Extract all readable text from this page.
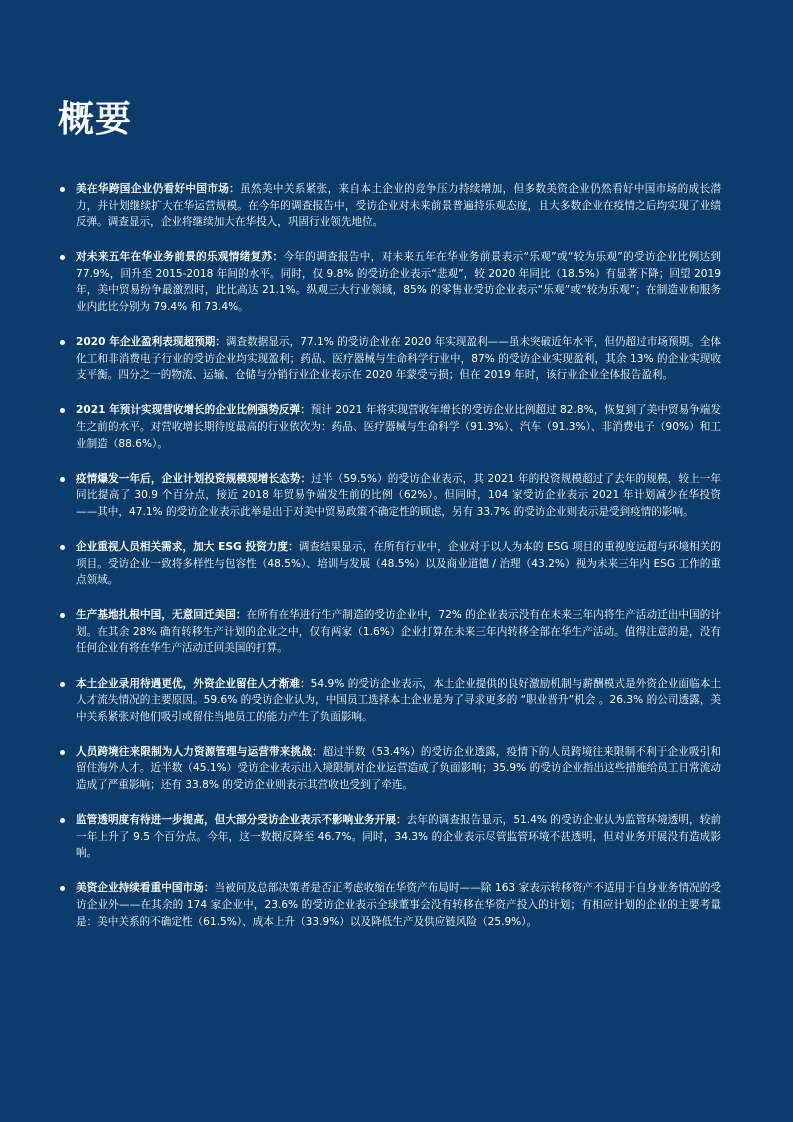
概要
美在华跨国企业仍看好中国市场：虽然美中关系紧张，来自本土企业的竞争压力持续增加，但多数美资企业仍然看好中国市场的成长潜力，并计划继续扩大在华运营规模。在今年的调查报告中，受访企业对未来前景普遍持乐观态度，且大多数企业在疫情之后均实现了业绩反弹。调查显示，企业将继续加大在华投入，巩固行业领先地位。
对未来五年在华业务前景的乐观情绪复苏：今年的调查报告中，对未来五年在华业务前景表示“乐观”或“较为乐观”的受访企业比例达到 77.9%，回升至 2015-2018 年间的水平。同时，仅 9.8% 的受访企业表示“悲观”，较 2020 年同比（18.5%）有显著下降；回望 2019 年，美中贸易纷争最激烈时，此比高达 21.1%。纵观三大行业领域，85% 的零售业受访企业表示“乐观”或“较为乐观”；在制造业和服务业内此比分别为 79.4% 和 73.4%。
2020 年企业盈利表现超预期：调查数据显示，77.1% 的受访企业在 2020 年实现盈利——虽未突破近年水平，但仍超过市场预期。全体化工和非消费电子行业的受访企业均实现盈利；药品、医疗器械与生命科学行业中，87% 的受访企业实现盈利，其余 13% 的企业实现收支平衡。四分之一的物流、运输、仓储与分销行业企业表示在 2020 年蒙受亏损；但在 2019 年时，该行业企业全体报告盈利。
2021 年预计实现营收增长的企业比例强势反弹：预计 2021 年将实现营收年增长的受访企业比例超过 82.8%，恢复到了美中贸易争端发生之前的水平。对营收增长期待度最高的行业依次为：药品、医疗器械与生命科学（91.3%）、汽车（91.3%）、非消费电子（90%）和工业制造（88.6%）。
疫情爆发一年后，企业计划投资规模现增长态势：过半（59.5%）的受访企业表示，其 2021 年的投资规模超过了去年的规模，较上一年同比提高了 30.9 个百分点，接近 2018 年贸易争端发生前的比例（62%）。但同时，104 家受访企业表示 2021 年计划减少在华投资——其中，47.1% 的受访企业表示此举是出于对美中贸易政策不确定性的顾虑，另有 33.7% 的受访企业则表示是受到疫情的影响。
企业重视人员相关需求，加大 ESG 投资力度：调查结果显示，在所有行业中，企业对于以人为本的 ESG 项目的重视度远超与环境相关的项目。受访企业一致将多样性与包容性（48.5%）、培训与发展（48.5%）以及商业道德 / 治理（43.2%）视为未来三年内 ESG 工作的重点领域。
生产基地扎根中国，无意回迁美国：在所有在华进行生产制造的受访企业中，72% 的企业表示没有在未来三年内将生产活动迁出中国的计划。在其余 28% 确有转移生产计划的企业之中，仅有两家（1.6%）企业打算在未来三年内转移全部在华生产活动。值得注意的是，没有任何企业有将在华生产活动迁回美国的打算。
本土企业录用待遇更优，外资企业留住人才渐难：54.9% 的受访企业表示，本土企业提供的良好激励机制与薪酬模式是外资企业面临本土人才流失情况的主要原因。59.6% 的受访企业认为，中国员工选择本土企业是为了寻求更多的 “职业晋升”机会 。26.3% 的公司透露，美中关系紧张对他们吸引或留住当地员工的能力产生了负面影响。
人员跨境往来限制为人力资源管理与运营带来挑战：超过半数（53.4%）的受访企业透露，疫情下的人员跨境往来限制不利于企业吸引和留住海外人才。近半数（45.1%）受访企业表示出入境限制对企业运营造成了负面影响；35.9% 的受访企业指出这些措施给员工日常流动造成了严重影响；还有 33.8% 的受访企业则表示其营收也受到了牵连。
监管透明度有待进一步提高，但大部分受访企业表示不影响业务开展：去年的调查报告显示，51.4% 的受访企业认为监管环境透明，较前一年上升了 9.5 个百分点。今年，这一数据反降至 46.7%。同时，34.3% 的企业表示尽管监管环境不甚透明，但对业务开展没有造成影响。
美资企业持续看重中国市场：当被问及总部决策者是否正考虑收缩在华资产布局时——除 163 家表示转移资产不适用于自身业务情况的受访企业外——在其余的 174 家企业中，23.6% 的受访企业表示全球董事会没有转移在华资产投入的计划；有相应计划的企业的主要考量是：美中关系的不确定性（61.5%）、成本上升（33.9%）以及降低生产及供应链风险（25.9%）。
